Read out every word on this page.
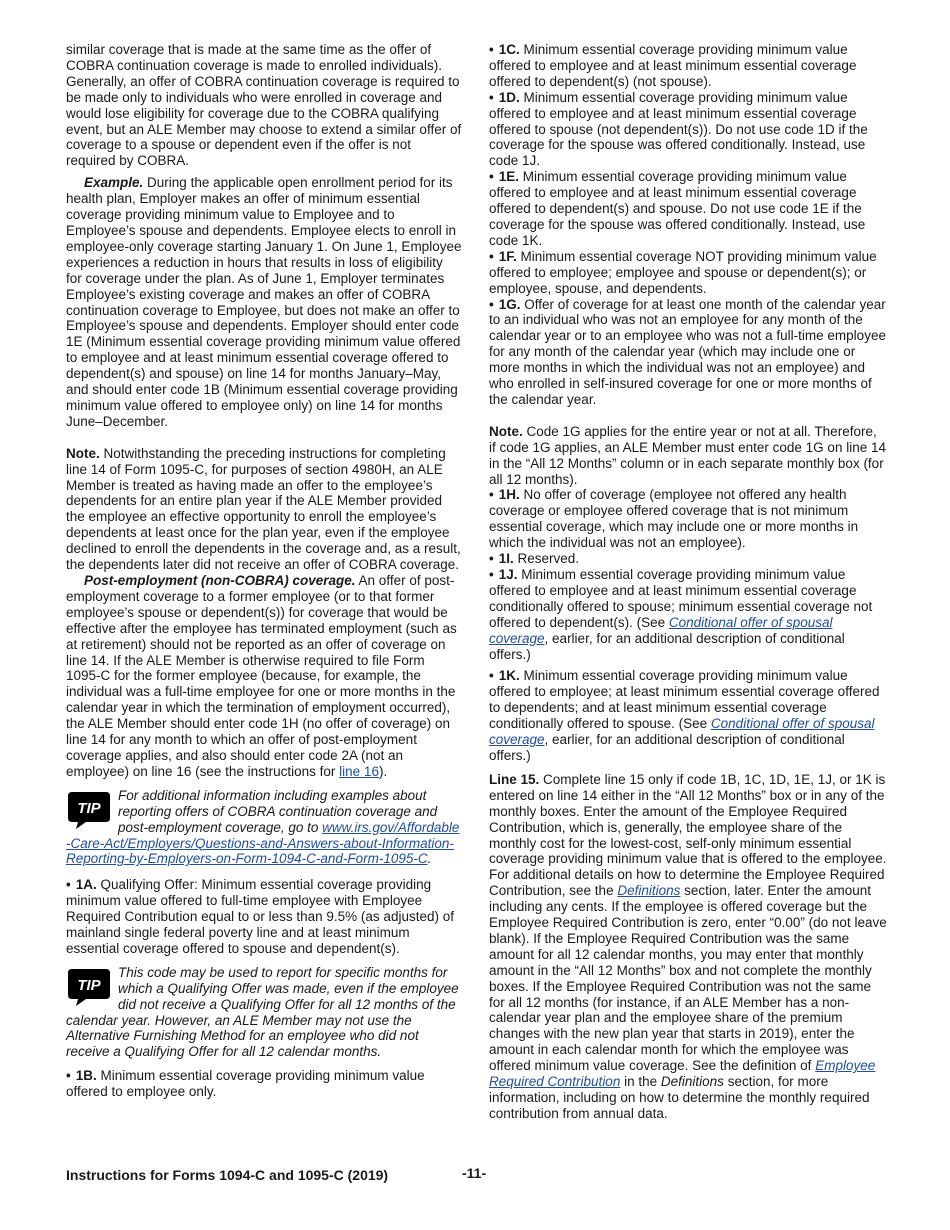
similar coverage that is made at the same time as the offer of COBRA continuation coverage is made to enrolled individuals). Generally, an offer of COBRA continuation coverage is required to be made only to individuals who were enrolled in coverage and would lose eligibility for coverage due to the COBRA qualifying event, but an ALE Member may choose to extend a similar offer of coverage to a spouse or dependent even if the offer is not required by COBRA.

Example. During the applicable open enrollment period for its health plan, Employer makes an offer of minimum essential coverage providing minimum value to Employee and to Employee’s spouse and dependents. Employee elects to enroll in employee-only coverage starting January 1. On June 1, Employee experiences a reduction in hours that results in loss of eligibility for coverage under the plan. As of June 1, Employer terminates Employee’s existing coverage and makes an offer of COBRA continuation coverage to Employee, but does not make an offer to Employee’s spouse and dependents. Employer should enter code 1E (Minimum essential coverage providing minimum value offered to employee and at least minimum essential coverage offered to dependent(s) and spouse) on line 14 for months January–May, and should enter code 1B (Minimum essential coverage providing minimum value offered to employee only) on line 14 for months June–December.

Note. Notwithstanding the preceding instructions for completing line 14 of Form 1095-C, for purposes of section 4980H, an ALE Member is treated as having made an offer to the employee’s dependents for an entire plan year if the ALE Member provided the employee an effective opportunity to enroll the employee’s dependents at least once for the plan year, even if the employee declined to enroll the dependents in the coverage and, as a result, the dependents later did not receive an offer of COBRA coverage.

Post-employment (non-COBRA) coverage. An offer of post-employment coverage to a former employee (or to that former employee’s spouse or dependent(s)) for coverage that would be effective after the employee has terminated employment (such as at retirement) should not be reported as an offer of coverage on line 14. If the ALE Member is otherwise required to file Form 1095-C for the former employee (because, for example, the individual was a full-time employee for one or more months in the calendar year in which the termination of employment occurred), the ALE Member should enter code 1H (no offer of coverage) on line 14 for any month to which an offer of post-employment coverage applies, and also should enter code 2A (not an employee) on line 16 (see the instructions for line 16).

TIP
For additional information including examples about reporting offers of COBRA continuation coverage and post-employment coverage, go to www.irs.gov/Affordable-Care-Act/Employers/Questions-and-Answers-about-Information-Reporting-by-Employers-on-Form-1094-C-and-Form-1095-C.

• 1A. Qualifying Offer: Minimum essential coverage providing minimum value offered to full-time employee with Employee Required Contribution equal to or less than 9.5% (as adjusted) of mainland single federal poverty line and at least minimum essential coverage offered to spouse and dependent(s).

TIP
This code may be used to report for specific months for which a Qualifying Offer was made, even if the employee did not receive a Qualifying Offer for all 12 months of the calendar year. However, an ALE Member may not use the Alternative Furnishing Method for an employee who did not receive a Qualifying Offer for all 12 calendar months.

• 1B. Minimum essential coverage providing minimum value offered to employee only.

• 1C. Minimum essential coverage providing minimum value offered to employee and at least minimum essential coverage offered to dependent(s) (not spouse).

• 1D. Minimum essential coverage providing minimum value offered to employee and at least minimum essential coverage offered to spouse (not dependent(s)). Do not use code 1D if the coverage for the spouse was offered conditionally. Instead, use code 1J.

• 1E. Minimum essential coverage providing minimum value offered to employee and at least minimum essential coverage offered to dependent(s) and spouse. Do not use code 1E if the coverage for the spouse was offered conditionally. Instead, use code 1K.

• 1F. Minimum essential coverage NOT providing minimum value offered to employee; employee and spouse or dependent(s); or employee, spouse, and dependents.

• 1G. Offer of coverage for at least one month of the calendar year to an individual who was not an employee for any month of the calendar year or to an employee who was not a full-time employee for any month of the calendar year (which may include one or more months in which the individual was not an employee) and who enrolled in self-insured coverage for one or more months of the calendar year.

Note. Code 1G applies for the entire year or not at all. Therefore, if code 1G applies, an ALE Member must enter code 1G on line 14 in the “All 12 Months” column or in each separate monthly box (for all 12 months).

• 1H. No offer of coverage (employee not offered any health coverage or employee offered coverage that is not minimum essential coverage, which may include one or more months in which the individual was not an employee).

• 1I. Reserved.

• 1J. Minimum essential coverage providing minimum value offered to employee and at least minimum essential coverage conditionally offered to spouse; minimum essential coverage not offered to dependent(s). (See Conditional offer of spousal coverage, earlier, for an additional description of conditional offers.)

• 1K. Minimum essential coverage providing minimum value offered to employee; at least minimum essential coverage offered to dependents; and at least minimum essential coverage conditionally offered to spouse. (See Conditional offer of spousal coverage, earlier, for an additional description of conditional offers.)

Line 15. Complete line 15 only if code 1B, 1C, 1D, 1E, 1J, or 1K is entered on line 14 either in the “All 12 Months” box or in any of the monthly boxes. Enter the amount of the Employee Required Contribution, which is, generally, the employee share of the monthly cost for the lowest-cost, self-only minimum essential coverage providing minimum value that is offered to the employee. For additional details on how to determine the Employee Required Contribution, see the Definitions section, later. Enter the amount including any cents. If the employee is offered coverage but the Employee Required Contribution is zero, enter “0.00” (do not leave blank). If the Employee Required Contribution was the same amount for all 12 calendar months, you may enter that monthly amount in the “All 12 Months” box and not complete the monthly boxes. If the Employee Required Contribution was not the same for all 12 months (for instance, if an ALE Member has a non-calendar year plan and the employee share of the premium changes with the new plan year that starts in 2019), enter the amount in each calendar month for which the employee was offered minimum value coverage. See the definition of Employee Required Contribution in the Definitions section, for more information, including on how to determine the monthly required contribution from annual data.

Instructions for Forms 1094-C and 1095-C (2019)	-11-
